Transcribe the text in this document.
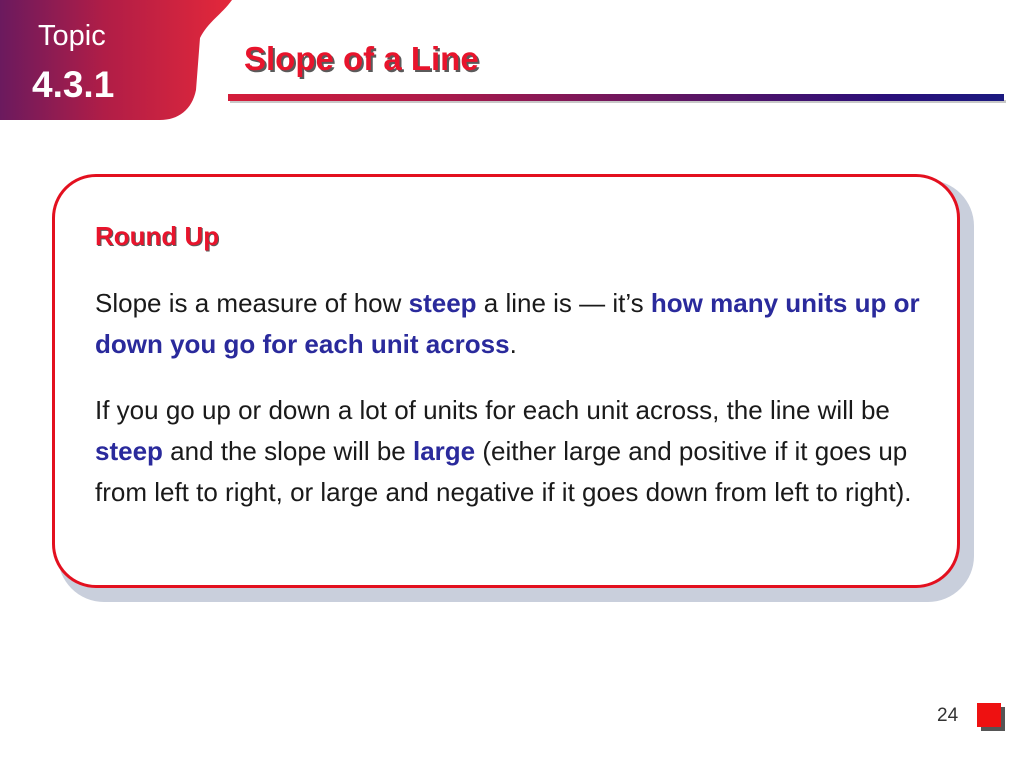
Topic
4.3.1
Slope of a Line
Round Up

Slope is a measure of how steep a line is — it’s how many units up or down you go for each unit across.

If you go up or down a lot of units for each unit across, the line will be steep and the slope will be large (either large and positive if it goes up from left to right, or large and negative if it goes down from left to right).

24
